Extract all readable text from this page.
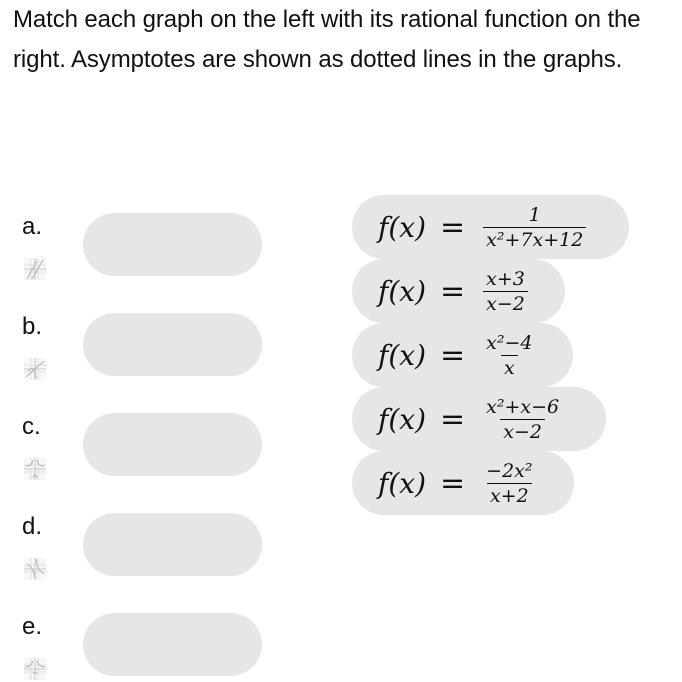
Match each graph on the left with its rational function on the right. Asymptotes are shown as dotted lines in the graphs.
a.
b.
c.
d.
e.
$f(x) = \frac{1}{\text{x²+7x+12}}$
$f(x) = \frac{x+3}{x-2}$
$f(x) = \frac{\text{x²−4}}{x}$
$f(x) = \frac{\text{x²+x−6}}{x-2}$
$f(x) = \frac{\text{−2x²}}{x+2}$
